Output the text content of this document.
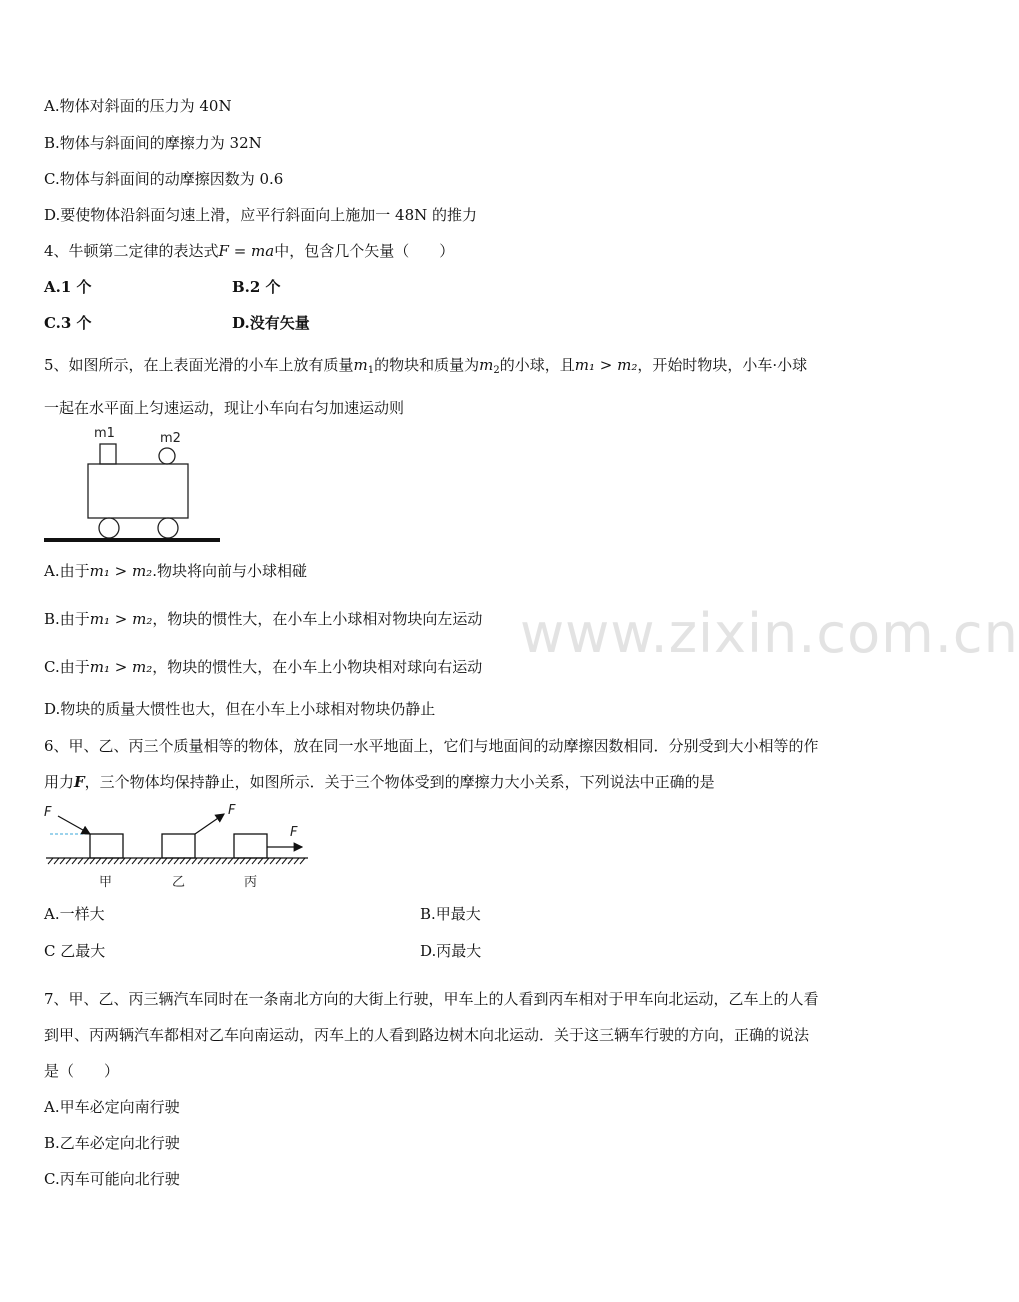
www.zixin.com.cn
A.物体对斜面的压力为 40N
B.物体与斜面间的摩擦力为 32N
C.物体与斜面间的动摩擦因数为 0.6
D.要使物体沿斜面匀速上滑，应平行斜面向上施加一 48N 的推力
4、牛顿第二定律的表达式F = ma中，包含几个矢量（　　）
A.1 个	B.2 个
C.3 个	D.没有矢量
5、如图所示，在上表面光滑的小车上放有质量$m_1$的物块和质量为$m_2$的小球，且m₁ > m₂，开始时物块，小车·小球
一起在水平面上匀速运动，现让小车向右匀加速运动则
m1	m2
A.由于m₁ > m₂.物块将向前与小球相碰
B.由于m₁ > m₂，物块的惯性大，在小车上小球相对物块向左运动
C.由于m₁ > m₂，物块的惯性大，在小车上小物块相对球向右运动
D.物块的质量大惯性也大，但在小车上小球相对物块仍静止
6、甲、乙、丙三个质量相等的物体，放在同一水平地面上，它们与地面间的动摩擦因数相同．分别受到大小相等的作
用力F，三个物体均保持静止，如图所示．关于三个物体受到的摩擦力大小关系，下列说法中正确的是
F	F
F
甲	乙	丙
A.一样大	B.甲最大
C 乙最大	D.丙最大
7、甲、乙、丙三辆汽车同时在一条南北方向的大街上行驶，甲车上的人看到丙车相对于甲车向北运动，乙车上的人看
到甲、丙两辆汽车都相对乙车向南运动，丙车上的人看到路边树木向北运动．关于这三辆车行驶的方向，正确的说法
是（　　）
A.甲车必定向南行驶
B.乙车必定向北行驶
C.丙车可能向北行驶
